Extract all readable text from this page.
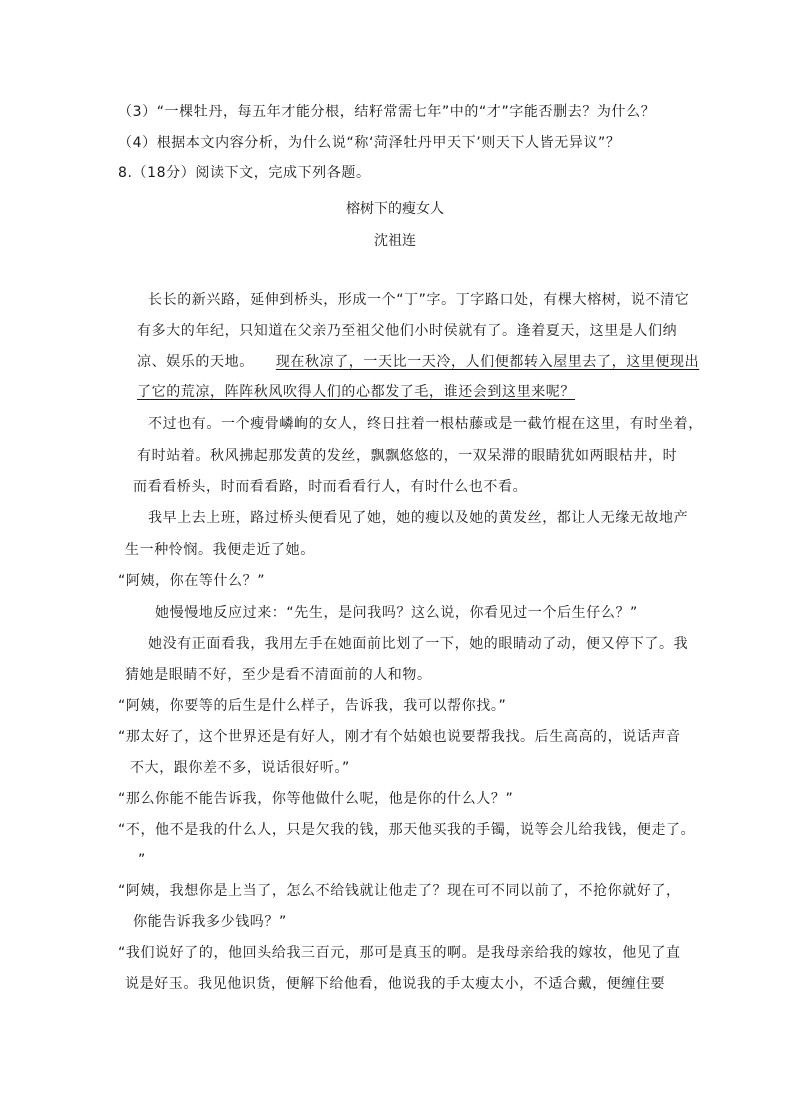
（3）“一棵牡丹，每五年才能分根，结籽常需七年”中的“才”字能否删去？为什么？
（4）根据本文内容分析，为什么说“称‘菏泽牡丹甲天下’则天下人皆无异议”？
8.（18分）阅读下文，完成下列各题。
榕树下的瘦女人
沈祖连
长长的新兴路，延伸到桥头，形成一个“丁”字。丁字路口处，有棵大榕树，说不清它
有多大的年纪，只知道在父亲乃至祖父他们小时侯就有了。逢着夏天，这里是人们纳
凉、娱乐的天地。 现在秋凉了，一天比一天冷，人们便都转入屋里去了，这里便现出
了它的荒凉，阵阵秋风吹得人们的心都发了毛，谁还会到这里来呢？
不过也有。一个瘦骨嶙峋的女人，终日拄着一根枯藤或是一截竹棍在这里，有时坐着，
有时站着。秋风拂起那发黄的发丝，飘飘悠悠的，一双呆滞的眼睛犹如两眼枯井，时
而看看桥头，时而看看路，时而看看行人，有时什么也不看。
我早上去上班，路过桥头便看见了她，她的瘦以及她的黄发丝，都让人无缘无故地产
生一种怜悯。我便走近了她。
“阿姨，你在等什么？”
她慢慢地反应过来：“先生，是问我吗？这么说，你看见过一个后生仔么？”
她没有正面看我，我用左手在她面前比划了一下，她的眼睛动了动，便又停下了。我
猜她是眼睛不好，至少是看不清面前的人和物。
“阿姨，你要等的后生是什么样子，告诉我，我可以帮你找。”
“那太好了，这个世界还是有好人，刚才有个姑娘也说要帮我找。后生高高的，说话声音
不大，跟你差不多，说话很好听。”
“那么你能不能告诉我，你等他做什么呢，他是你的什么人？”
“不，他不是我的什么人，只是欠我的钱，那天他买我的手镯，说等会儿给我钱，便走了。
”
“阿姨，我想你是上当了，怎么不给钱就让他走了？现在可不同以前了，不抢你就好了，
你能告诉我多少钱吗？”
“我们说好了的，他回头给我三百元，那可是真玉的啊。是我母亲给我的嫁妆，他见了直
说是好玉。我见他识货，便解下给他看，他说我的手太瘦太小，不适合戴，便缠住要
